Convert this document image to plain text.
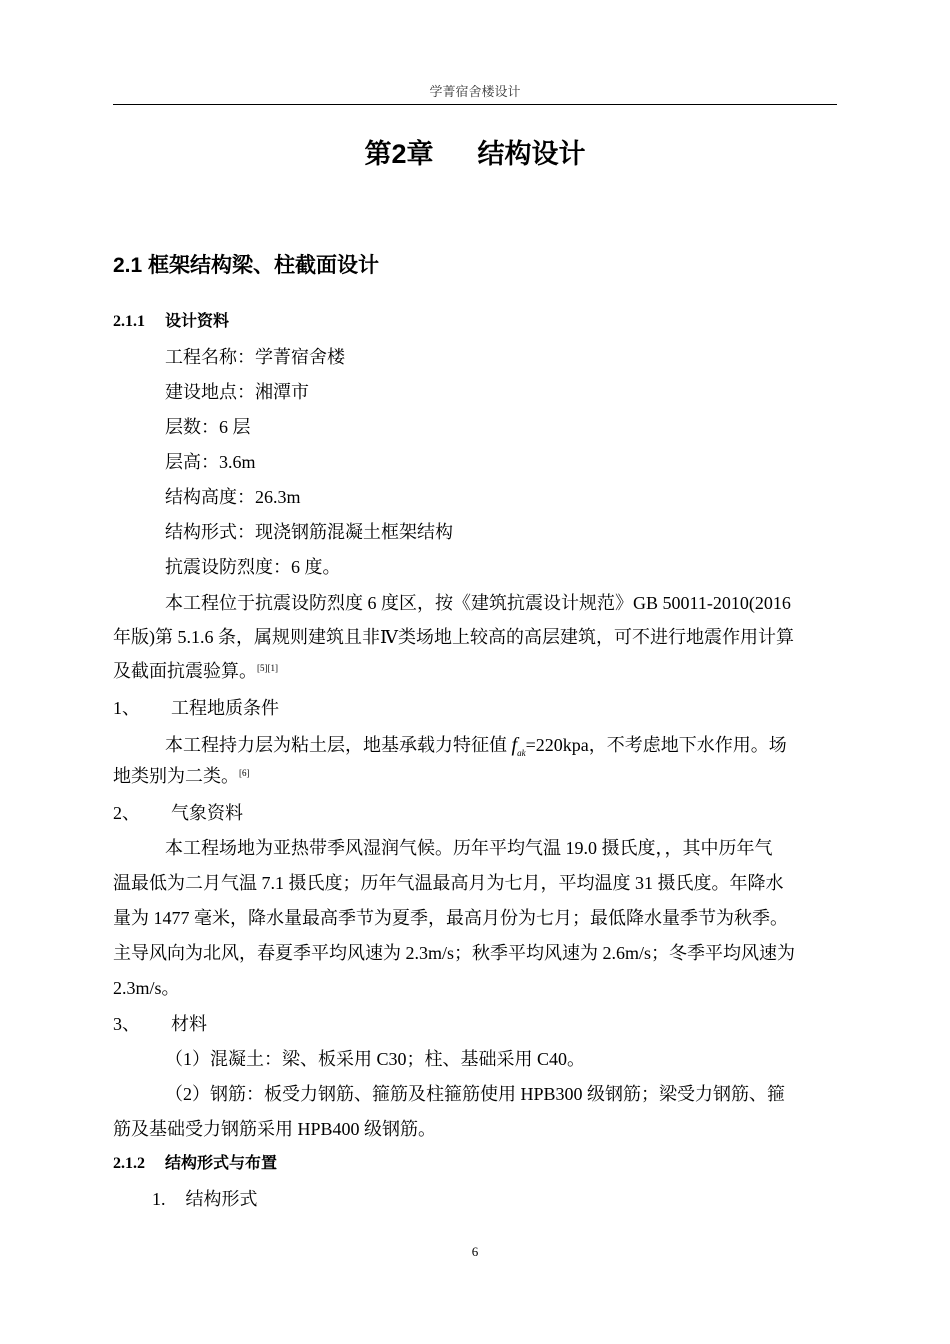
学菁宿舍楼设计
第2章 结构设计
2.1 框架结构梁、柱截面设计
2.1.1 设计资料
工程名称：学菁宿舍楼
建设地点：湘潭市
层数：6 层
层高：3.6m
结构高度：26.3m
结构形式：现浇钢筋混凝土框架结构
抗震设防烈度：6 度。
本工程位于抗震设防烈度 6 度区，按《建筑抗震设计规范》GB 50011-2010(2016
年版)第 5.1.6 条，属规则建筑且非Ⅳ类场地上较高的高层建筑，可不进行地震作用计算
及截面抗震验算。[5][1]
1、 工程地质条件
本工程持力层为粘土层，地基承载力特征值 $f_{ak}=220kpa$，不考虑地下水作用。场
地类别为二类。[6]
2、 气象资料
本工程场地为亚热带季风湿润气候。历年平均气温 19.0 摄氏度，，其中历年气
温最低为二月气温 7.1 摄氏度；历年气温最高月为七月，平均温度 31 摄氏度。年降水
量为 1477 毫米，降水量最高季节为夏季，最高月份为七月；最低降水量季节为秋季。
主导风向为北风，春夏季平均风速为 2.3m/s；秋季平均风速为 2.6m/s；冬季平均风速为
2.3m/s。
3、 材料
（1）混凝土：梁、板采用 C30；柱、基础采用 C40。
（2）钢筋：板受力钢筋、箍筋及柱箍筋使用 HPB300 级钢筋；梁受力钢筋、箍
筋及基础受力钢筋采用 HPB400 级钢筋。
2.1.2 结构形式与布置
1. 结构形式
6
